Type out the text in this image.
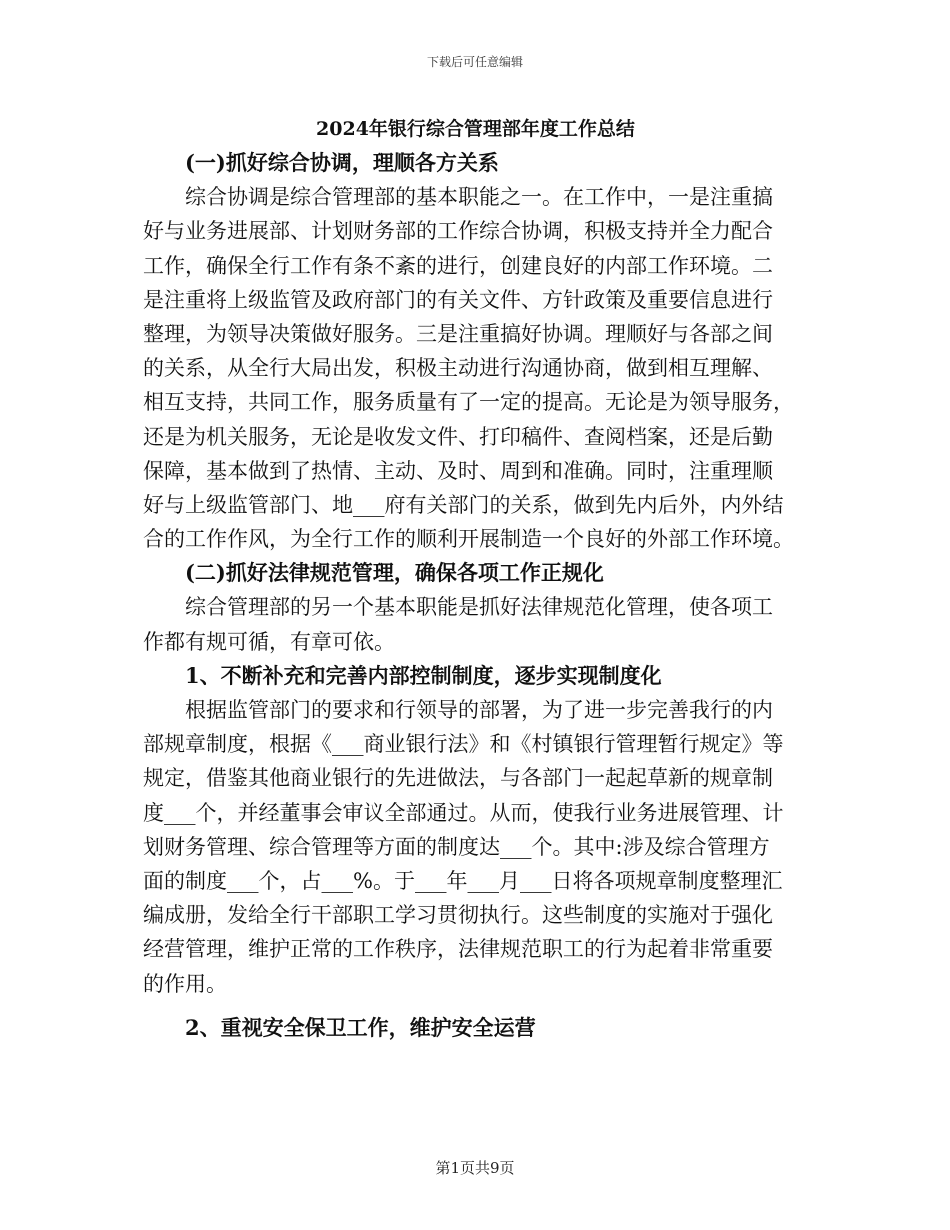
下载后可任意编辑
2024年银行综合管理部年度工作总结
(一)抓好综合协调，理顺各方关系
综合协调是综合管理部的基本职能之一。在工作中，一是注重搞
好与业务进展部、计划财务部的工作综合协调，积极支持并全力配合
工作，确保全行工作有条不紊的进行，创建良好的内部工作环境。二
是注重将上级监管及政府部门的有关文件、方针政策及重要信息进行
整理，为领导决策做好服务。三是注重搞好协调。理顺好与各部之间
的关系，从全行大局出发，积极主动进行沟通协商，做到相互理解、
相互支持，共同工作，服务质量有了一定的提高。无论是为领导服务，
还是为机关服务，无论是收发文件、打印稿件、查阅档案，还是后勤
保障，基本做到了热情、主动、及时、周到和准确。同时，注重理顺
好与上级监管部门、地___府有关部门的关系，做到先内后外，内外结
合的工作作风，为全行工作的顺利开展制造一个良好的外部工作环境。
(二)抓好法律规范管理，确保各项工作正规化
综合管理部的另一个基本职能是抓好法律规范化管理，使各项工
作都有规可循，有章可依。
1、不断补充和完善内部控制制度，逐步实现制度化
根据监管部门的要求和行领导的部署，为了进一步完善我行的内
部规章制度，根据《___商业银行法》和《村镇银行管理暂行规定》等
规定，借鉴其他商业银行的先进做法，与各部门一起起草新的规章制
度___个，并经董事会审议全部通过。从而，使我行业务进展管理、计
划财务管理、综合管理等方面的制度达___个。其中:涉及综合管理方
面的制度___个，占___%。于___年___月___日将各项规章制度整理汇
编成册，发给全行干部职工学习贯彻执行。这些制度的实施对于强化
经营管理，维护正常的工作秩序，法律规范职工的行为起着非常重要
的作用。
2、重视安全保卫工作，维护安全运营
第1页共9页
